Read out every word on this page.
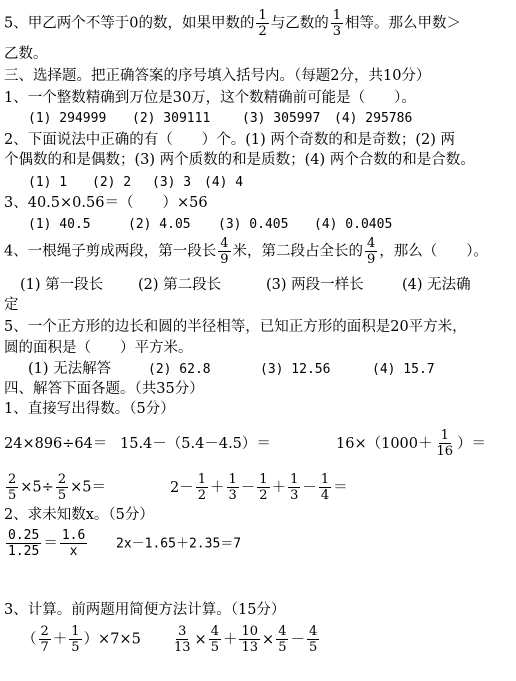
5、甲乙两个不等于0的数，如果甲数的 $\frac{1}{2}$ 与乙数的 $\frac{1}{3}$ 相等。那么甲数＞
乙数。
三、选择题。把正确答案的序号填入括号内。（每题2分，共10分）
1、一个整数精确到万位是30万，这个数精确前可能是（　　）。
(1) 294999 (2) 309111 (3) 305997 (4) 295786
2、下面说法中正确的有（　　）个。(1) 两个奇数的和是奇数；(2) 两
个偶数的和是偶数；(3) 两个质数的和是质数；(4) 两个合数的和是合数。
(1) 1 (2) 2 (3) 3 (4) 4
3、40.5×0.56＝（　　）×56
(1) 40.5	(2) 4.05 (3) 0.405 (4) 0.0405
4、一根绳子剪成两段，第一段长 $\frac{4}{9}$ 米，第二段占全长的 $\frac{4}{9}$ ，那么（　　）。
(1) 第一段长 (2) 第二段长	(3) 两段一样长	(4) 无法确
定
5、一个正方形的边长和圆的半径相等，已知正方形的面积是20平方米，
圆的面积是（　　）平方米。
(1) 无法解答	(2) 62.8	(3) 12.56	(4) 15.7
四、解答下面各题。（共35分）
1、直接写出得数。（5分）
24×896÷64＝ 15.4－（5.4－4.5）＝	$16\times(1000+ \frac{1}{16}$ ）＝
$\frac{2}{5} \times 5\div \frac{2}{5} \times 5=$	$2- \frac{1}{2} + \frac{1}{3} - \frac{1}{2} + \frac{1}{3} - \frac{1}{4}$ ＝
2、求未知数x。（5分）
$\frac{0.25}{1.25} = \frac{1.6}{x} 2x-1.65+2.35=7$
3、计算。前两题用简便方法计算。（15分）
（ $\frac{2}{7} + \frac{1}{5} )\times 7\times 5 \frac{3}{13} \times \frac{4}{5} + \frac{10}{13} \times \frac{4}{5} - \frac{4}{5}$
